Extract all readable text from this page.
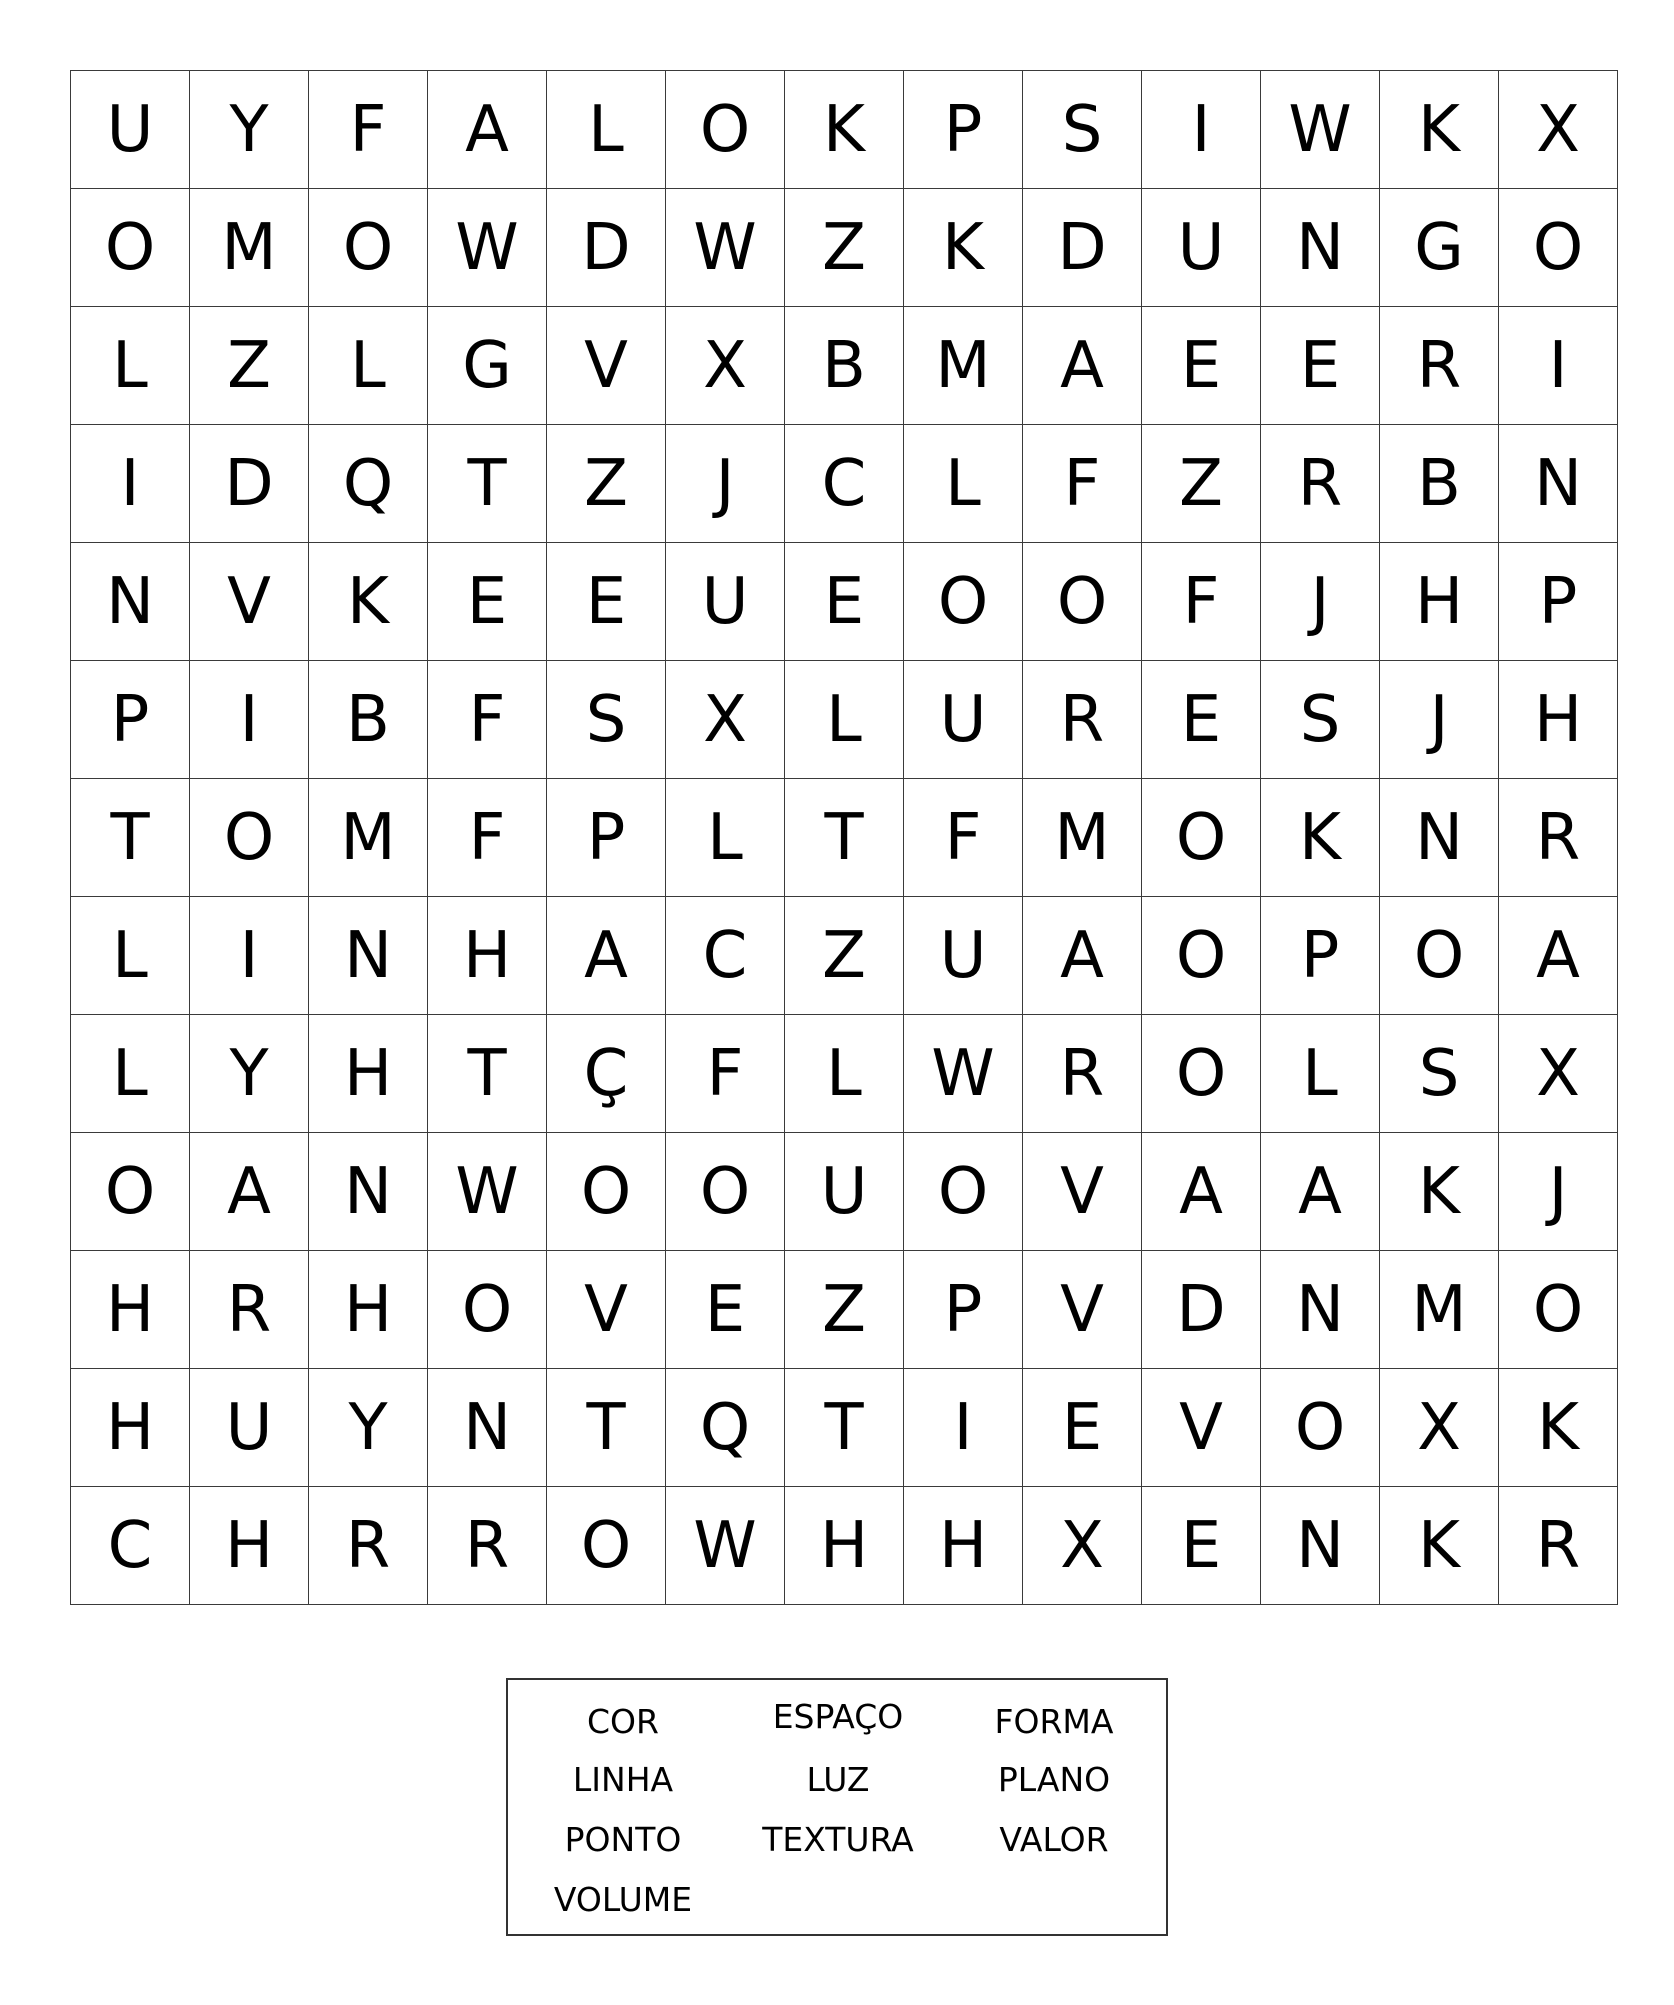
U	Y	F	A	L	O	K	P	S	I	W	K	X
O	M	O	W	D	W	Z	K	D	U	N	G	O
L	Z	L	G	V	X	B	M	A	E	E	R	I
I	D	Q	T	Z	J	C	L	F	Z	R	B	N
N	V	K	E	E	U	E	O	O	F	J	H	P
P	I	B	F	S	X	L	U	R	E	S	J	H
T	O	M	F	P	L	T	F	M	O	K	N	R
L	I	N	H	A	C	Z	U	A	O	P	O	A
L	Y	H	T	Ç	F	L	W	R	O	L	S	X
O	A	N	W	O	O	U	O	V	A	A	K	J
H	R	H	O	V	E	Z	P	V	D	N	M	O
H	U	Y	N	T	Q	T	I	E	V	O	X	K
C	H	R	R	O	W	H	H	X	E	N	K	R
COR	ESPAÇO	FORMA
LINHA	LUZ	PLANO
PONTO	TEXTURA	VALOR
VOLUME
